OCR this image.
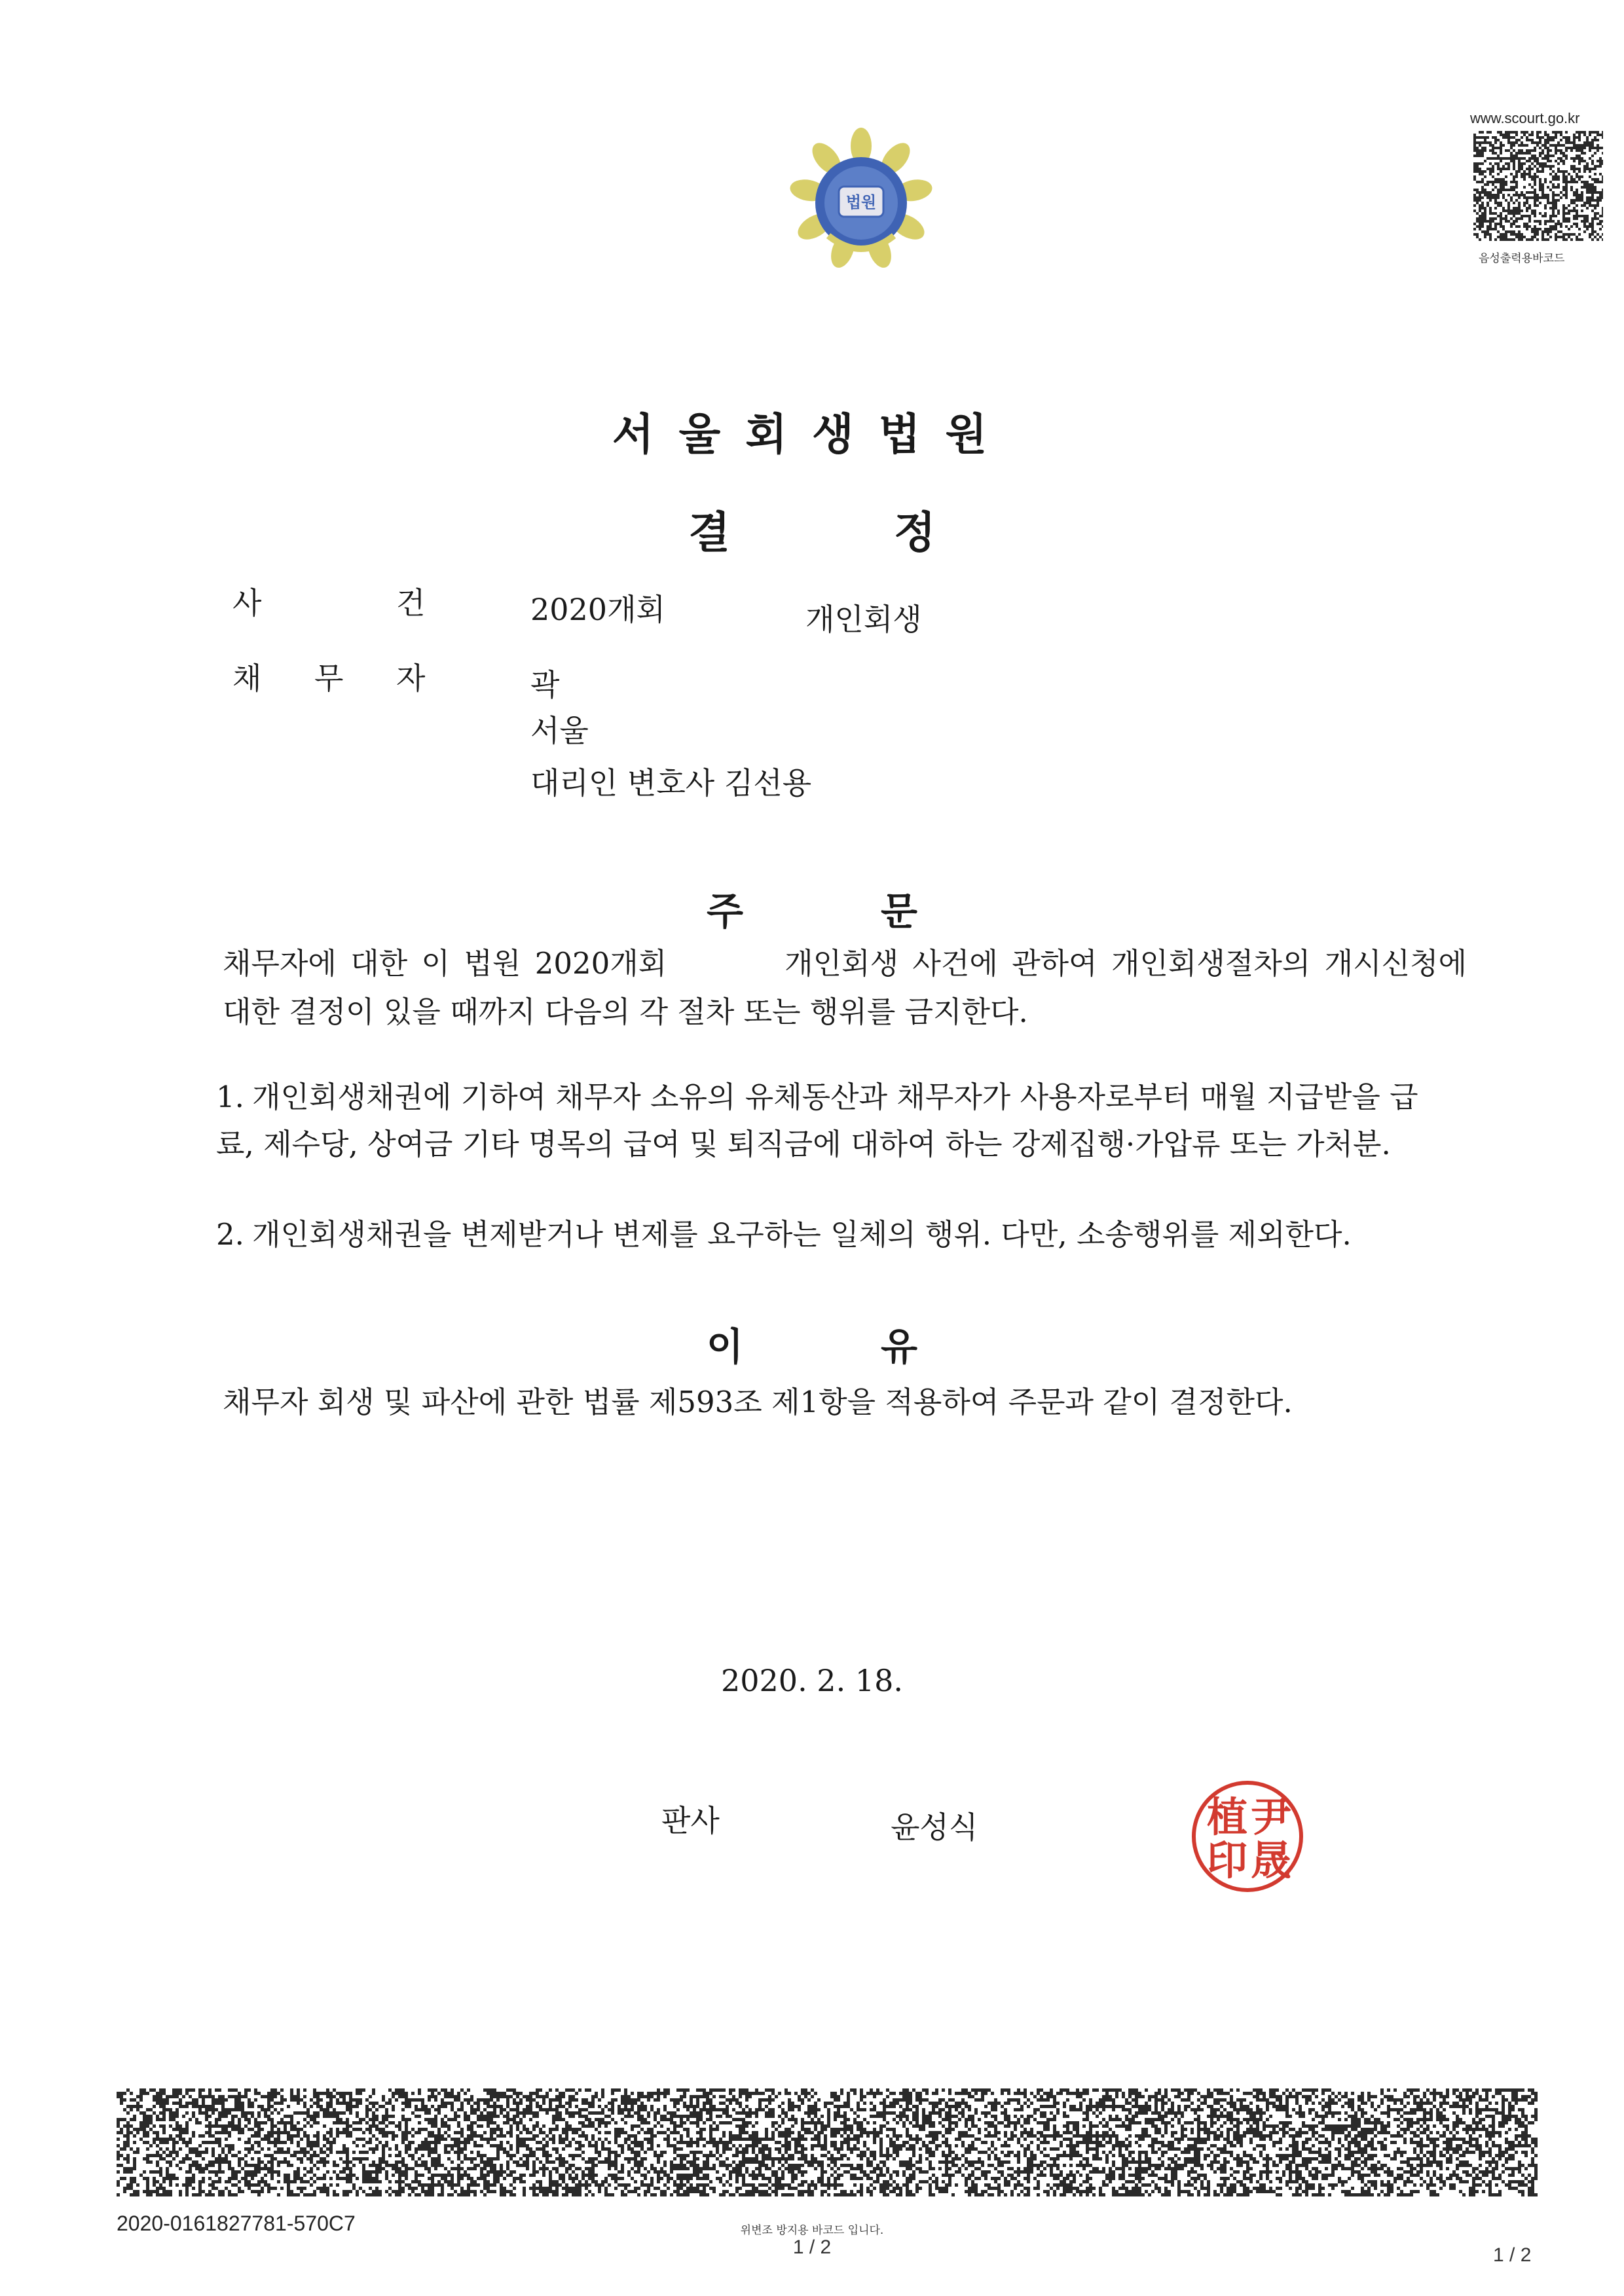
법원
www.scourt.go.kr
음성출력용바코드
서울회생법원
결	정
사	건	2020개회	개인회생
채 무 자	곽
서울
대리인 변호사 김선용
주	문
채무자에 대한 이 법원 2020개회	개인회생 사건에 관하여 개인회생절차의 개시신청에 대한 결정이 있을 때까지 다음의 각 절차 또는 행위를 금지한다.
1. 개인회생채권에 기하여 채무자 소유의 유체동산과 채무자가 사용자로부터 매월 지급받을 급료, 제수당, 상여금 기타 명목의 급여 및 퇴직금에 대하여 하는 강제집행·가압류 또는 가처분.
2. 개인회생채권을 변제받거나 변제를 요구하는 일체의 행위. 다만, 소송행위를 제외한다.
이	유
채무자 회생 및 파산에 관한 법률 제593조 제1항을 적용하여 주문과 같이 결정한다.
2020. 2. 18.
판사	윤성식	尹
晟
植
印
2020-0161827781-570C7	위변조 방지용 바코드 입니다.
1 / 2	1 / 2
